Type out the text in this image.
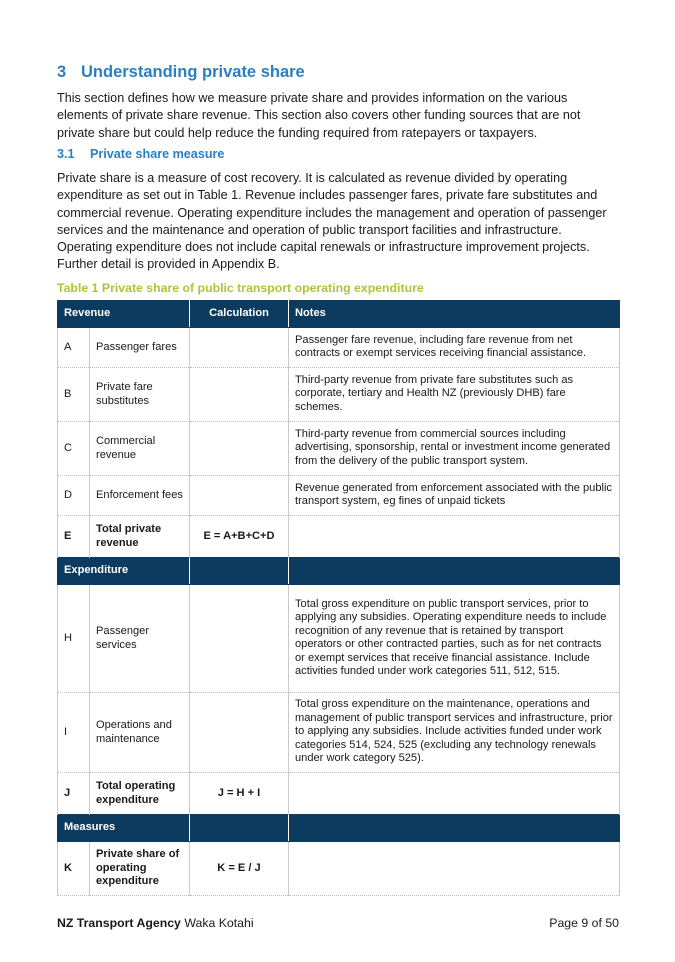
3 Understanding private share

This section defines how we measure private share and provides information on the various elements of private share revenue. This section also covers other funding sources that are not private share but could help reduce the funding required from ratepayers or taxpayers.

3.1 Private share measure

Private share is a measure of cost recovery. It is calculated as revenue divided by operating expenditure as set out in Table 1. Revenue includes passenger fares, private fare substitutes and commercial revenue. Operating expenditure includes the management and operation of passenger services and the maintenance and operation of public transport facilities and infrastructure. Operating expenditure does not include capital renewals or infrastructure improvement projects. Further detail is provided in Appendix B.

Table 1 Private share of public transport operating expenditure

Revenue		Calculation	Notes
A	Passenger fares		Passenger fare revenue, including fare revenue from net contracts or exempt services receiving financial assistance.
B	Private fare substitutes		Third-party revenue from private fare substitutes such as corporate, tertiary and Health NZ (previously DHB) fare schemes.
C	Commercial revenue		Third-party revenue from commercial sources including advertising, sponsorship, rental or investment income generated from the delivery of the public transport system.
D	Enforcement fees		Revenue generated from enforcement associated with the public transport system, eg fines of unpaid tickets
E	Total private revenue	E = A+B+C+D	
Expenditure			
H	Passenger services		Total gross expenditure on public transport services, prior to applying any subsidies. Operating expenditure needs to include recognition of any revenue that is retained by transport operators or other contracted parties, such as for net contracts or exempt services that receive financial assistance. Include activities funded under work categories 511, 512, 515.
I	Operations and maintenance		Total gross expenditure on the maintenance, operations and management of public transport services and infrastructure, prior to applying any subsidies. Include activities funded under work categories 514, 524, 525 (excluding any technology renewals under work category 525).
J	Total operating expenditure	J = H + I	
Measures			
K	Private share of operating expenditure	K = E / J	
NZ Transport Agency Waka Kotahi	Page 9 of 50
